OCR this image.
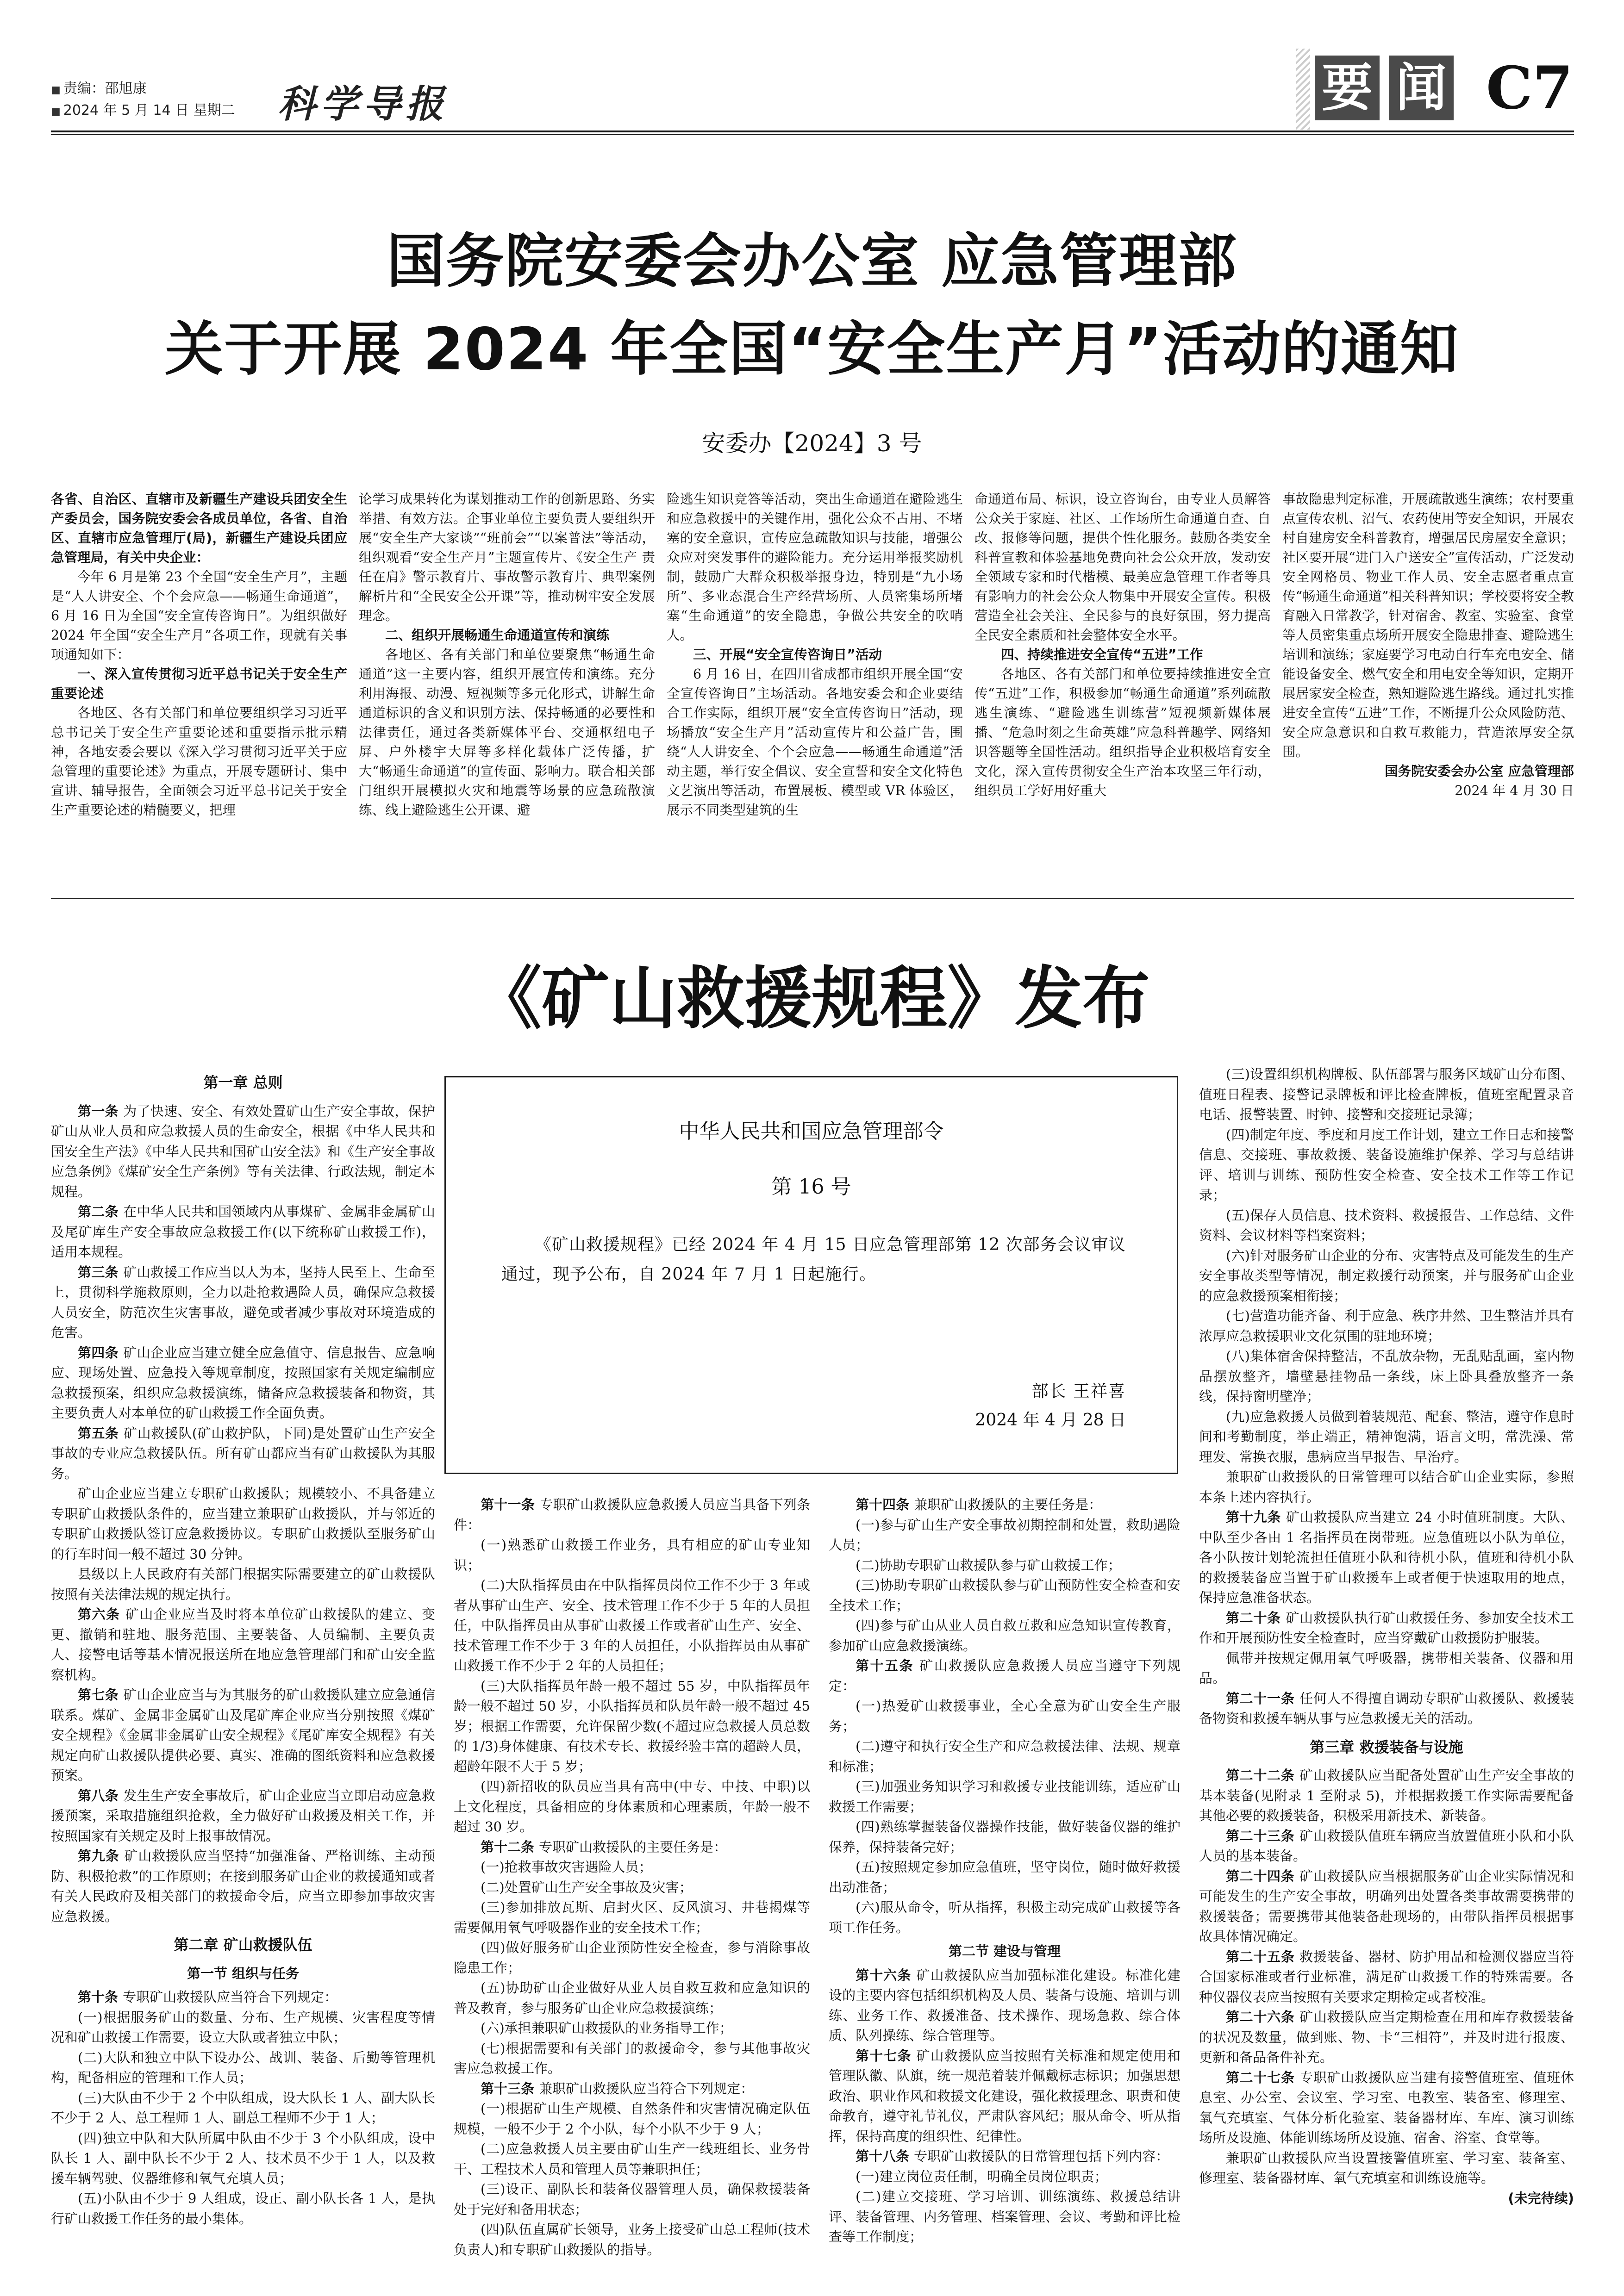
■ 责编：邵旭康
■ 2024 年 5 月 14 日 星期二 科学导报	要 闻 C7
国务院安委会办公室 应急管理部
关于开展 2024 年全国“安全生产月”活动的通知
安委办【2024】3 号

各省、自治区、直辖市及新疆生产建设兵团安全生产委员会，国务院安委会各成员单位，各省、自治区、直辖市应急管理厅(局)，新疆生产建设兵团应急管理局，有关中央企业：

今年 6 月是第 23 个全国“安全生产月”，主题是“人人讲安全、个个会应急——畅通生命通道”，6 月 16 日为全国“安全宣传咨询日”。为组织做好 2024 年全国“安全生产月”各项工作，现就有关事项通知如下：

一、深入宣传贯彻习近平总书记关于安全生产重要论述

各地区、各有关部门和单位要组织学习习近平总书记关于安全生产重要论述和重要指示批示精神，各地安委会要以《深入学习贯彻习近平关于应急管理的重要论述》为重点，开展专题研讨、集中宣讲、辅导报告，全面领会习近平总书记关于安全生产重要论述的精髓要义，把理

论学习成果转化为谋划推动工作的创新思路、务实举措、有效方法。企事业单位主要负责人要组织开展“安全生产大家谈”“班前会”“以案普法”等活动，组织观看“安全生产月”主题宣传片、《安全生产 责任在肩》警示教育片、事故警示教育片、典型案例解析片和“全民安全公开课”等，推动树牢安全发展理念。

二、组织开展畅通生命通道宣传和演练

各地区、各有关部门和单位要聚焦“畅通生命通道”这一主要内容，组织开展宣传和演练。充分利用海报、动漫、短视频等多元化形式，讲解生命通道标识的含义和识别方法、保持畅通的必要性和法律责任，通过各类新媒体平台、交通枢纽电子屏、户外楼宇大屏等多样化载体广泛传播，扩大“畅通生命通道”的宣传面、影响力。联合相关部门组织开展模拟火灾和地震等场景的应急疏散演练、线上避险逃生公开课、避

险逃生知识竞答等活动，突出生命通道在避险逃生和应急救援中的关键作用，强化公众不占用、不堵塞的安全意识，宣传应急疏散知识与技能，增强公众应对突发事件的避险能力。充分运用举报奖励机制，鼓励广大群众积极举报身边，特别是“九小场所”、多业态混合生产经营场所、人员密集场所堵塞“生命通道”的安全隐患，争做公共安全的吹哨人。

三、开展“安全宣传咨询日”活动

6 月 16 日，在四川省成都市组织开展全国“安全宣传咨询日”主场活动。各地安委会和企业要结合工作实际，组织开展“安全宣传咨询日”活动，现场播放“安全生产月”活动宣传片和公益广告，围绕“人人讲安全、个个会应急——畅通生命通道”活动主题，举行安全倡议、安全宣誓和安全文化特色文艺演出等活动，布置展板、模型或 VR 体验区，展示不同类型建筑的生

命通道布局、标识，设立咨询台，由专业人员解答公众关于家庭、社区、工作场所生命通道自查、自改、报修等问题，提供个性化服务。鼓励各类安全科普宣教和体验基地免费向社会公众开放，发动安全领域专家和时代楷模、最美应急管理工作者等具有影响力的社会公众人物集中开展安全宣传。积极营造全社会关注、全民参与的良好氛围，努力提高全民安全素质和社会整体安全水平。

四、持续推进安全宣传“五进”工作

各地区、各有关部门和单位要持续推进安全宣传“五进”工作，积极参加“畅通生命通道”系列疏散逃生演练、“避险逃生训练营”短视频新媒体展播、“危急时刻之生命英雄”应急科普趣学、网络知识答题等全国性活动。组织指导企业积极培育安全文化，深入宣传贯彻安全生产治本攻坚三年行动，组织员工学好用好重大

事故隐患判定标准，开展疏散逃生演练；农村要重点宣传农机、沼气、农药使用等安全知识，开展农村自建房安全科普教育，增强居民房屋安全意识；社区要开展“进门入户送安全”宣传活动，广泛发动安全网格员、物业工作人员、安全志愿者重点宣传“畅通生命通道”相关科普知识；学校要将安全教育融入日常教学，针对宿舍、教室、实验室、食堂等人员密集重点场所开展安全隐患排查、避险逃生培训和演练；家庭要学习电动自行车充电安全、储能设备安全、燃气安全和用电安全等知识，定期开展居家安全检查，熟知避险逃生路线。通过扎实推进安全宣传“五进”工作，不断提升公众风险防范、安全应急意识和自救互救能力，营造浓厚安全氛围。

国务院安委会办公室 应急管理部

2024 年 4 月 30 日

《矿山救援规程》发布
中华人民共和国应急管理部令
第 16 号
《矿山救援规程》已经 2024 年 4 月 15 日应急管理部第 12 次部务会议审议通过，现予公布，自 2024 年 7 月 1 日起施行。
部长 王祥喜
2024 年 4 月 28 日
第一章 总则

第一条 为了快速、安全、有效处置矿山生产安全事故，保护矿山从业人员和应急救援人员的生命安全，根据《中华人民共和国安全生产法》《中华人民共和国矿山安全法》和《生产安全事故应急条例》《煤矿安全生产条例》等有关法律、行政法规，制定本规程。

第二条 在中华人民共和国领域内从事煤矿、金属非金属矿山及尾矿库生产安全事故应急救援工作(以下统称矿山救援工作)，适用本规程。

第三条 矿山救援工作应当以人为本，坚持人民至上、生命至上，贯彻科学施救原则，全力以赴抢救遇险人员，确保应急救援人员安全，防范次生灾害事故，避免或者减少事故对环境造成的危害。

第四条 矿山企业应当建立健全应急值守、信息报告、应急响应、现场处置、应急投入等规章制度，按照国家有关规定编制应急救援预案，组织应急救援演练，储备应急救援装备和物资，其主要负责人对本单位的矿山救援工作全面负责。

第五条 矿山救援队(矿山救护队，下同)是处置矿山生产安全事故的专业应急救援队伍。所有矿山都应当有矿山救援队为其服务。

矿山企业应当建立专职矿山救援队；规模较小、不具备建立专职矿山救援队条件的，应当建立兼职矿山救援队，并与邻近的专职矿山救援队签订应急救援协议。专职矿山救援队至服务矿山的行车时间一般不超过 30 分钟。

县级以上人民政府有关部门根据实际需要建立的矿山救援队按照有关法律法规的规定执行。

第六条 矿山企业应当及时将本单位矿山救援队的建立、变更、撤销和驻地、服务范围、主要装备、人员编制、主要负责人、接警电话等基本情况报送所在地应急管理部门和矿山安全监察机构。

第七条 矿山企业应当与为其服务的矿山救援队建立应急通信联系。煤矿、金属非金属矿山及尾矿库企业应当分别按照《煤矿安全规程》《金属非金属矿山安全规程》《尾矿库安全规程》有关规定向矿山救援队提供必要、真实、准确的图纸资料和应急救援预案。

第八条 发生生产安全事故后，矿山企业应当立即启动应急救援预案，采取措施组织抢救，全力做好矿山救援及相关工作，并按照国家有关规定及时上报事故情况。

第九条 矿山救援队应当坚持“加强准备、严格训练、主动预防、积极抢救”的工作原则；在接到服务矿山企业的救援通知或者有关人民政府及相关部门的救援命令后，应当立即参加事故灾害应急救援。

第二章 矿山救援队伍
第一节 组织与任务

第十条 专职矿山救援队应当符合下列规定：

(一)根据服务矿山的数量、分布、生产规模、灾害程度等情况和矿山救援工作需要，设立大队或者独立中队；

(二)大队和独立中队下设办公、战训、装备、后勤等管理机构，配备相应的管理和工作人员；

(三)大队由不少于 2 个中队组成，设大队长 1 人、副大队长不少于 2 人、总工程师 1 人、副总工程师不少于 1 人；

(四)独立中队和大队所属中队由不少于 3 个小队组成，设中队长 1 人、副中队长不少于 2 人、技术员不少于 1 人，以及救援车辆驾驶、仪器维修和氧气充填人员；

(五)小队由不少于 9 人组成，设正、副小队长各 1 人，是执行矿山救援工作任务的最小集体。

第十一条 专职矿山救援队应急救援人员应当具备下列条件：

(一)熟悉矿山救援工作业务，具有相应的矿山专业知识；

(二)大队指挥员由在中队指挥员岗位工作不少于 3 年或者从事矿山生产、安全、技术管理工作不少于 5 年的人员担任，中队指挥员由从事矿山救援工作或者矿山生产、安全、技术管理工作不少于 3 年的人员担任，小队指挥员由从事矿山救援工作不少于 2 年的人员担任；

(三)大队指挥员年龄一般不超过 55 岁，中队指挥员年龄一般不超过 50 岁，小队指挥员和队员年龄一般不超过 45 岁；根据工作需要，允许保留少数(不超过应急救援人员总数的 1/3)身体健康、有技术专长、救援经验丰富的超龄人员，超龄年限不大于 5 岁；

(四)新招收的队员应当具有高中(中专、中技、中职)以上文化程度，具备相应的身体素质和心理素质，年龄一般不超过 30 岁。

第十二条 专职矿山救援队的主要任务是：

(一)抢救事故灾害遇险人员；

(二)处置矿山生产安全事故及灾害；

(三)参加排放瓦斯、启封火区、反风演习、井巷揭煤等需要佩用氧气呼吸器作业的安全技术工作；

(四)做好服务矿山企业预防性安全检查，参与消除事故隐患工作；

(五)协助矿山企业做好从业人员自救互救和应急知识的普及教育，参与服务矿山企业应急救援演练；

(六)承担兼职矿山救援队的业务指导工作；

(七)根据需要和有关部门的救援命令，参与其他事故灾害应急救援工作。

第十三条 兼职矿山救援队应当符合下列规定：

(一)根据矿山生产规模、自然条件和灾害情况确定队伍规模，一般不少于 2 个小队，每个小队不少于 9 人；

(二)应急救援人员主要由矿山生产一线班组长、业务骨干、工程技术人员和管理人员等兼职担任；

(三)设正、副队长和装备仪器管理人员，确保救援装备处于完好和备用状态；

(四)队伍直属矿长领导，业务上接受矿山总工程师(技术负责人)和专职矿山救援队的指导。

第十四条 兼职矿山救援队的主要任务是：

(一)参与矿山生产安全事故初期控制和处置，救助遇险人员；

(二)协助专职矿山救援队参与矿山救援工作；

(三)协助专职矿山救援队参与矿山预防性安全检查和安全技术工作；

(四)参与矿山从业人员自救互救和应急知识宣传教育，参加矿山应急救援演练。

第十五条 矿山救援队应急救援人员应当遵守下列规定：

(一)热爱矿山救援事业，全心全意为矿山安全生产服务；

(二)遵守和执行安全生产和应急救援法律、法规、规章和标准；

(三)加强业务知识学习和救援专业技能训练，适应矿山救援工作需要；

(四)熟练掌握装备仪器操作技能，做好装备仪器的维护保养，保持装备完好；

(五)按照规定参加应急值班，坚守岗位，随时做好救援出动准备；

(六)服从命令，听从指挥，积极主动完成矿山救援等各项工作任务。

第二节 建设与管理

第十六条 矿山救援队应当加强标准化建设。标准化建设的主要内容包括组织机构及人员、装备与设施、培训与训练、业务工作、救援准备、技术操作、现场急救、综合体质、队列操练、综合管理等。

第十七条 矿山救援队应当按照有关标准和规定使用和管理队徽、队旗，统一规范着装并佩戴标志标识；加强思想政治、职业作风和救援文化建设，强化救援理念、职责和使命教育，遵守礼节礼仪，严肃队容风纪；服从命令、听从指挥，保持高度的组织性、纪律性。

第十八条 专职矿山救援队的日常管理包括下列内容：

(一)建立岗位责任制，明确全员岗位职责；

(二)建立交接班、学习培训、训练演练、救援总结讲评、装备管理、内务管理、档案管理、会议、考勤和评比检查等工作制度；

(三)设置组织机构牌板、队伍部署与服务区域矿山分布图、值班日程表、接警记录牌板和评比检查牌板，值班室配置录音电话、报警装置、时钟、接警和交接班记录簿；

(四)制定年度、季度和月度工作计划，建立工作日志和接警信息、交接班、事故救援、装备设施维护保养、学习与总结讲评、培训与训练、预防性安全检查、安全技术工作等工作记录；

(五)保存人员信息、技术资料、救援报告、工作总结、文件资料、会议材料等档案资料；

(六)针对服务矿山企业的分布、灾害特点及可能发生的生产安全事故类型等情况，制定救援行动预案，并与服务矿山企业的应急救援预案相衔接；

(七)营造功能齐备、利于应急、秩序井然、卫生整洁并具有浓厚应急救援职业文化氛围的驻地环境；

(八)集体宿舍保持整洁，不乱放杂物，无乱贴乱画，室内物品摆放整齐，墙壁悬挂物品一条线，床上卧具叠放整齐一条线，保持窗明壁净；

(九)应急救援人员做到着装规范、配套、整洁，遵守作息时间和考勤制度，举止端正，精神饱满，语言文明，常洗澡、常理发、常换衣服，患病应当早报告、早治疗。

兼职矿山救援队的日常管理可以结合矿山企业实际，参照本条上述内容执行。

第十九条 矿山救援队应当建立 24 小时值班制度。大队、中队至少各由 1 名指挥员在岗带班。应急值班以小队为单位，各小队按计划轮流担任值班小队和待机小队，值班和待机小队的救援装备应当置于矿山救援车上或者便于快速取用的地点，保持应急准备状态。

第二十条 矿山救援队执行矿山救援任务、参加安全技术工作和开展预防性安全检查时，应当穿戴矿山救援防护服装。

佩带并按规定佩用氧气呼吸器，携带相关装备、仪器和用品。

第二十一条 任何人不得擅自调动专职矿山救援队、救援装备物资和救援车辆从事与应急救援无关的活动。

第三章 救援装备与设施

第二十二条 矿山救援队应当配备处置矿山生产安全事故的基本装备(见附录 1 至附录 5)，并根据救援工作实际需要配备其他必要的救援装备，积极采用新技术、新装备。

第二十三条 矿山救援队值班车辆应当放置值班小队和小队人员的基本装备。

第二十四条 矿山救援队应当根据服务矿山企业实际情况和可能发生的生产安全事故，明确列出处置各类事故需要携带的救援装备；需要携带其他装备赴现场的，由带队指挥员根据事故具体情况确定。

第二十五条 救援装备、器材、防护用品和检测仪器应当符合国家标准或者行业标准，满足矿山救援工作的特殊需要。各种仪器仪表应当按照有关要求定期检定或者校准。

第二十六条 矿山救援队应当定期检查在用和库存救援装备的状况及数量，做到账、物、卡“三相符”，并及时进行报废、更新和备品备件补充。

第二十七条 专职矿山救援队应当建有接警值班室、值班休息室、办公室、会议室、学习室、电教室、装备室、修理室、氧气充填室、气体分析化验室、装备器材库、车库、演习训练场所及设施、体能训练场所及设施、宿舍、浴室、食堂等。

兼职矿山救援队应当设置接警值班室、学习室、装备室、修理室、装备器材库、氧气充填室和训练设施等。

(未完待续)
